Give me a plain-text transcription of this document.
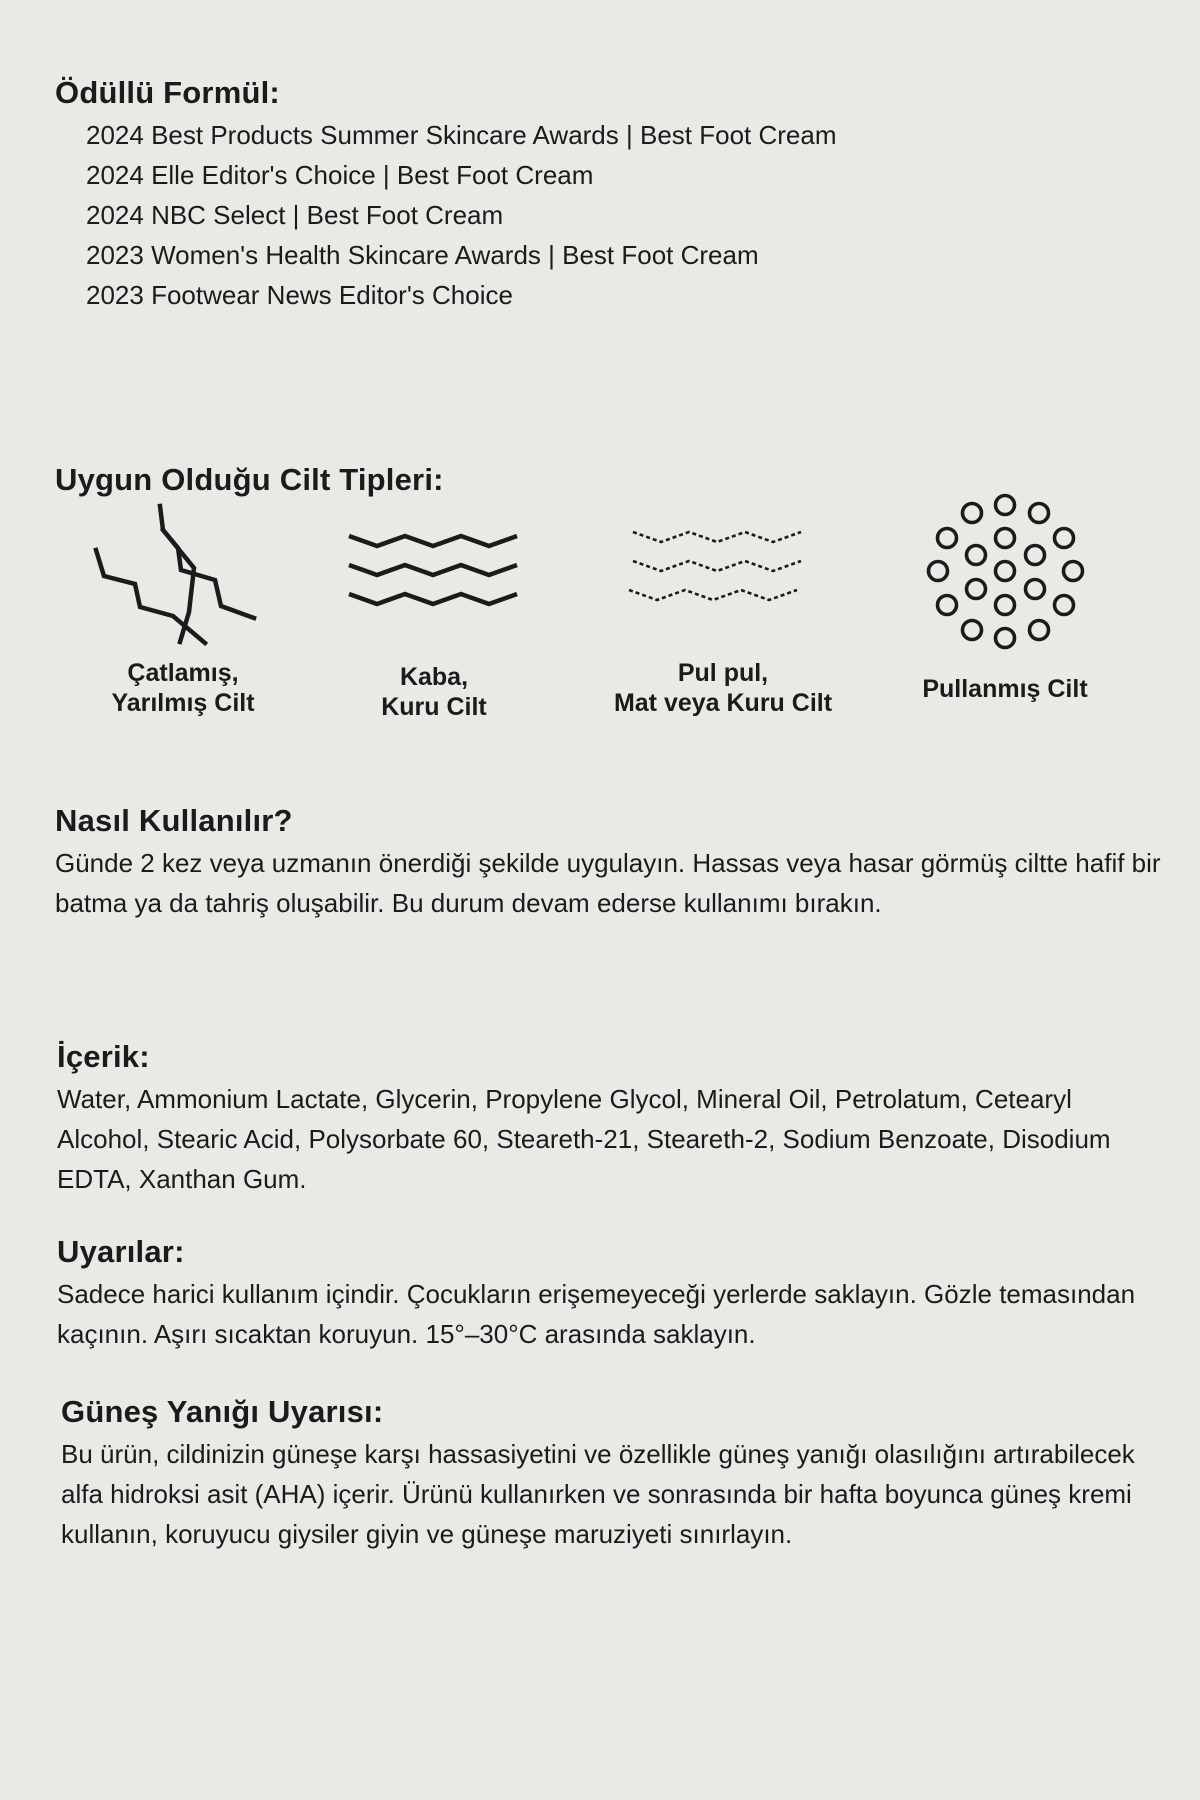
Ödüllü Formül:
2024 Best Products Summer Skincare Awards | Best Foot Cream
2024 Elle Editor's Choice | Best Foot Cream
2024 NBC Select | Best Foot Cream
2023 Women's Health Skincare Awards | Best Foot Cream
2023 Footwear News Editor's Choice
Uygun Olduğu Cilt Tipleri:

Çatlamış,
Yarılmış Cilt

Kaba,
Kuru Cilt

Pul pul,
Mat veya Kuru Cilt	Pullanmış Cilt

Nasıl Kullanılır?

Günde 2 kez veya uzmanın önerdiği şekilde uygulayın. Hassas veya hasar görmüş ciltte hafif bir batma ya da tahriş oluşabilir. Bu durum devam ederse kullanımı bırakın.

İçerik:

Water, Ammonium Lactate, Glycerin, Propylene Glycol, Mineral Oil, Petrolatum, Cetearyl Alcohol, Stearic Acid, Polysorbate 60, Steareth-21, Steareth-2, Sodium Benzoate, Disodium EDTA, Xanthan Gum.

Uyarılar:

Sadece harici kullanım içindir. Çocukların erişemeyeceği yerlerde saklayın. Gözle temasından kaçının. Aşırı sıcaktan koruyun. 15°–30°C arasında saklayın.

Güneş Yanığı Uyarısı:

Bu ürün, cildinizin güneşe karşı hassasiyetini ve özellikle güneş yanığı olasılığını artırabilecek alfa hidroksi asit (AHA) içerir. Ürünü kullanırken ve sonrasında bir hafta boyunca güneş kremi kullanın, koruyucu giysiler giyin ve güneşe maruziyeti sınırlayın.
